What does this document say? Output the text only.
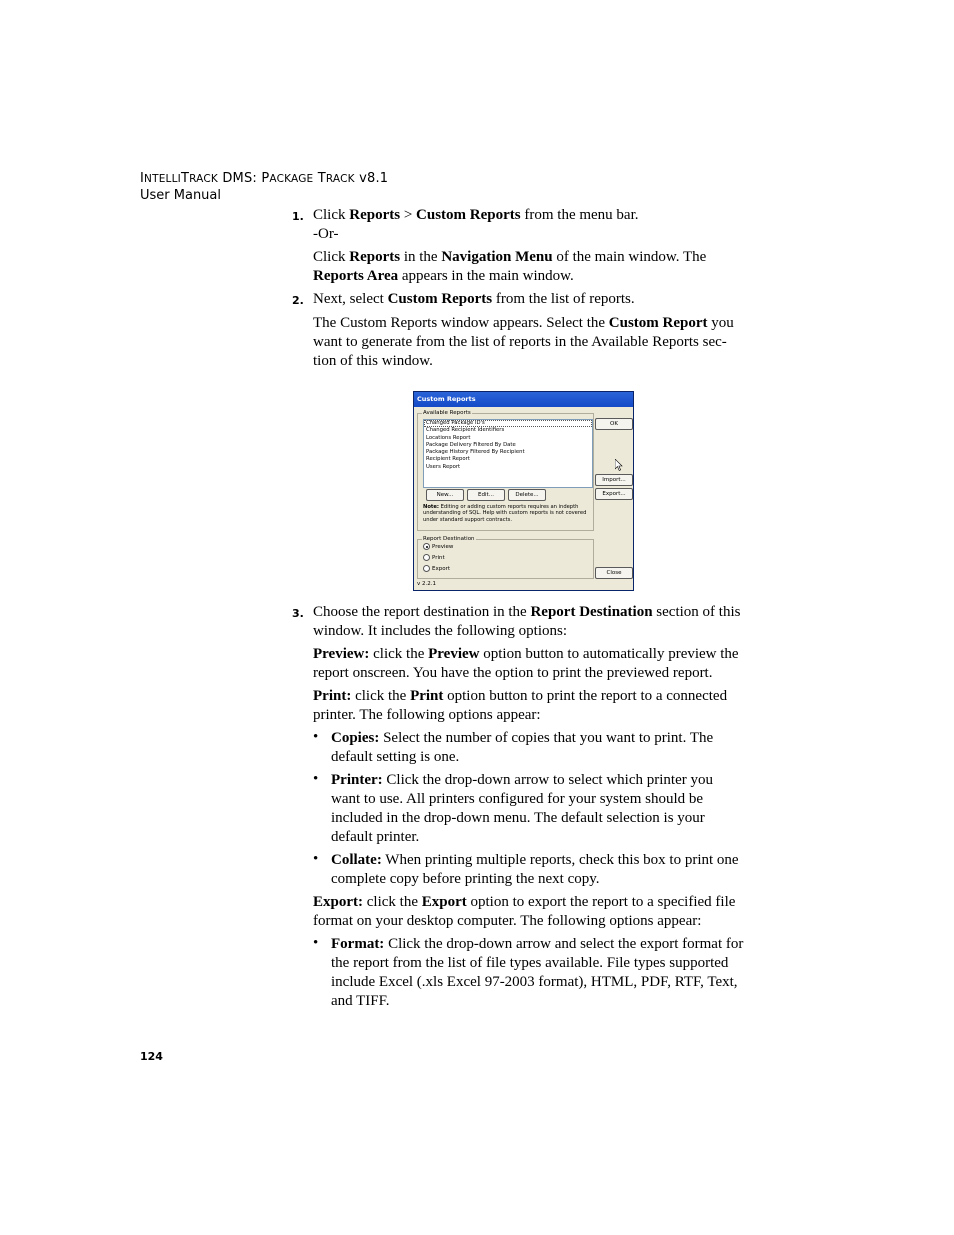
INTELLITRACK DMS: PACKAGE TRACK v8.1
User Manual
1. Click Reports > Custom Reports from the menu bar.
-Or-
Click Reports in the Navigation Menu of the main window. The
Reports Area appears in the main window.
2. Next, select Custom Reports from the list of reports.
The Custom Reports window appears. Select the Custom Report you
want to generate from the list of reports in the Available Reports sec-
tion of this window.
Custom Reports
Available Reports
Changed Package ID's
Changed Recipient Identifiers
Locations Report
Package Delivery Filtered By Date
Package History Filtered By Recipient
Recipient Report
Users Report
New...	Edit...	Delete...
Note: Editing or adding custom reports requires an indepth understanding of SQL. Help with custom reports is not covered under standard support contracts.
Report Destination
Preview
Print
Export
OK
Import...
Export...
Close
v 2.2.1
3. Choose the report destination in the Report Destination section of this
window. It includes the following options:
Preview: click the Preview option button to automatically preview the
report onscreen. You have the option to print the previewed report.
Print: click the Print option button to print the report to a connected
printer. The following options appear:
• Copies: Select the number of copies that you want to print. The
default setting is one.
• Printer: Click the drop-down arrow to select which printer you
want to use. All printers configured for your system should be
included in the drop-down menu. The default selection is your
default printer.
• Collate: When printing multiple reports, check this box to print one
complete copy before printing the next copy.
Export: click the Export option to export the report to a specified file
format on your desktop computer. The following options appear:
• Format: Click the drop-down arrow and select the export format for
the report from the list of file types available. File types supported
include Excel (.xls Excel 97-2003 format), HTML, PDF, RTF, Text,
and TIFF.
124
